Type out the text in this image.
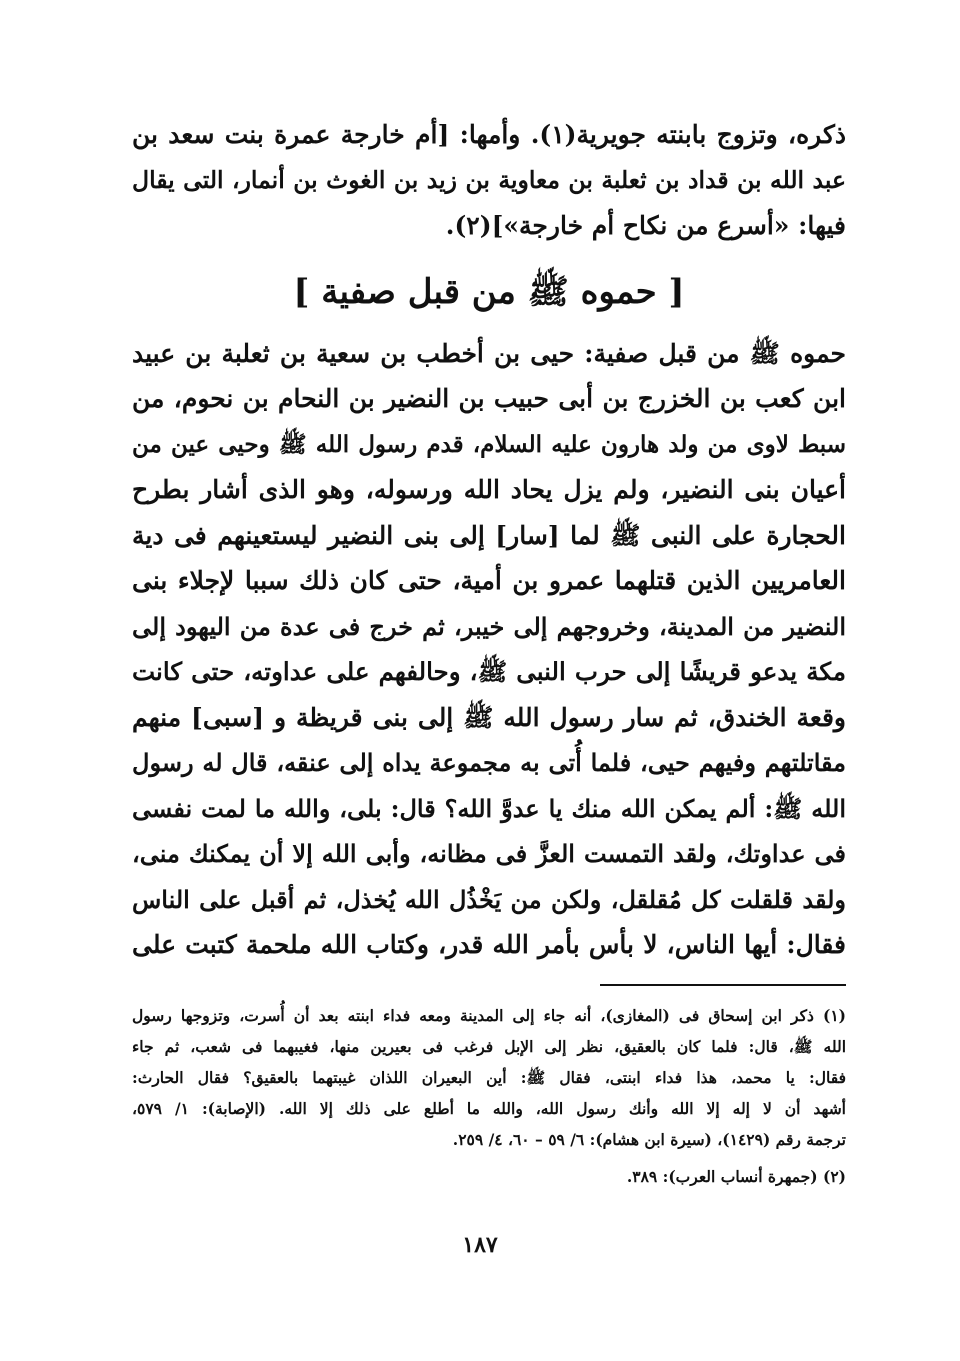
ذكره، وتزوج بابنته جويرية(١). وأمها: [أم خارجة عمرة بنت سعد بن
عبد الله بن قداد بن ثعلبة بن معاوية بن زيد بن الغوث بن أنمار، التى يقال
فيها: «أسرع من نكاح أم خارجة»](٢).
[ حموه ﷺ من قبل صفية ]
حموه ﷺ من قبل صفية: حيى بن أخطب بن سعية بن ثعلبة بن عبيد
ابن كعب بن الخزرج بن أبى حبيب بن النضير بن النحام بن نحوم، من
سبط لاوى من ولد هارون عليه السلام، قدم رسول الله ﷺ وحيى عين من
أعيان بنى النضير، ولم يزل يحاد الله ورسوله، وهو الذى أشار بطرح
الحجارة على النبى ﷺ لما [سار] إلى بنى النضير ليستعينهم فى دية
العامريين الذين قتلهما عمرو بن أمية، حتى كان ذلك سببا لإجلاء بنى
النضير من المدينة، وخروجهم إلى خيبر، ثم خرج فى عدة من اليهود إلى
مكة يدعو قريشًا إلى حرب النبى ﷺ، وحالفهم على عداوته، حتى كانت
وقعة الخندق، ثم سار رسول الله ﷺ إلى بنى قريظة و [سبى] منهم
مقاتلتهم وفيهم حيى، فلما أُتى به مجموعة يداه إلى عنقه، قال له رسول
الله ﷺ: ألم يمكن الله منك يا عدوَّ الله؟ قال: بلى، والله ما لمت نفسى
فى عداوتك، ولقد التمست العزَّ فى مظانه، وأبى الله إلا أن يمكنك منى،
ولقد قلقلت كل مُقلقل، ولكن من يَخْذُل الله يُخذل، ثم أقبل على الناس
فقال: أيها الناس، لا بأس بأمر الله قدر، وكتاب الله ملحمة كتبت على
(١) ذكر ابن إسحاق فى (المغازى)، أنه جاء إلى المدينة ومعه فداء ابنته بعد أن أُسرت، وتزوجها رسول
الله ﷺ، قال: فلما كان بالعقيق، نظر إلى الإبل فرغب فى بعيرين منها، فغيبهما فى شعب، ثم جاء
فقال: يا محمد، هذا فداء ابنتى، فقال ﷺ: أين البعيران اللذان غيبتهما بالعقيق؟ فقال الحارث:
أشهد أن لا إله إلا الله وأنك رسول الله، والله ما أطلع على ذلك إلا الله. (الإصابة): ١/ ٥٧٩،
ترجمة رقم (١٤٢٩)، (سيرة ابن هشام): ٦/ ٥٩ – ٦٠، ٤/ ٢٥٩.
(٢) (جمهرة أنساب العرب): ٣٨٩.
١٨٧
